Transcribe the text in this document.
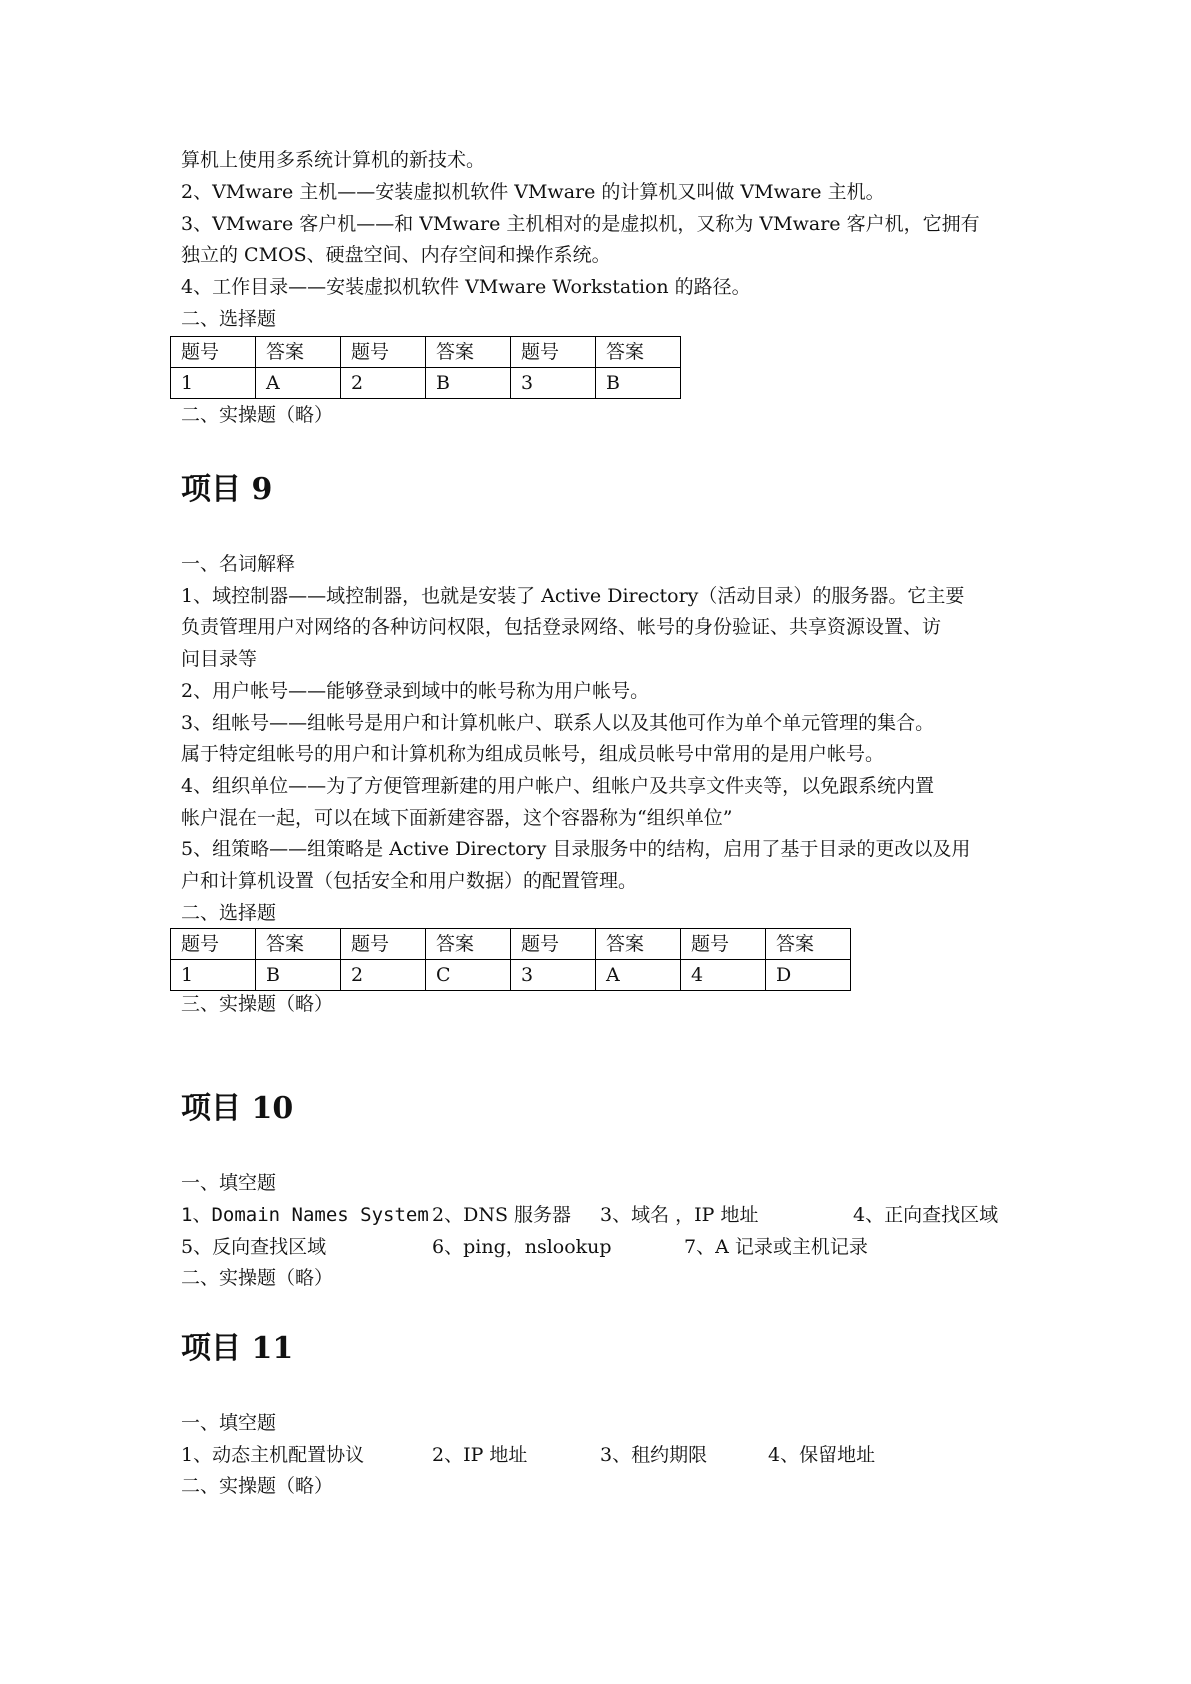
算机上使用多系统计算机的新技术。
2、VMware 主机——安装虚拟机软件 VMware 的计算机又叫做 VMware 主机。
3、VMware 客户机——和 VMware 主机相对的是虚拟机，又称为 VMware 客户机，它拥有
独立的 CMOS、硬盘空间、内存空间和操作系统。
4、工作目录——安装虚拟机软件 VMware Workstation 的路径。
二、选择题
题号	答案	题号	答案	题号	答案
1	A	2	B	3	B
二、实操题（略）
项目 9
一、名词解释
1、域控制器——域控制器，也就是安装了 Active Directory（活动目录）的服务器。它主要
负责管理用户对网络的各种访问权限，包括登录网络、帐号的身份验证、共享资源设置、访
问目录等
2、用户帐号——能够登录到域中的帐号称为用户帐号。
3、组帐号——组帐号是用户和计算机帐户、联系人以及其他可作为单个单元管理的集合。
属于特定组帐号的用户和计算机称为组成员帐号，组成员帐号中常用的是用户帐号。
4、组织单位——为了方便管理新建的用户帐户、组帐户及共享文件夹等，以免跟系统内置
帐户混在一起，可以在域下面新建容器，这个容器称为“组织单位”
5、组策略——组策略是 Active Directory 目录服务中的结构，启用了基于目录的更改以及用
户和计算机设置（包括安全和用户数据）的配置管理。
二、选择题
题号	答案	题号	答案	题号	答案	题号	答案
1	B	2	C	3	A	4	D
三、实操题（略）
项目 10
一、填空题
1、Domain Names System 2、DNS 服务器 3、域名 ，IP 地址	4、正向查找区域
5、反向查找区域	6、ping，nslookup	7、A 记录或主机记录
二、实操题（略）
项目 11
一、填空题
1、动态主机配置协议	2、IP 地址	3、租约期限	4、保留地址
二、实操题（略）
